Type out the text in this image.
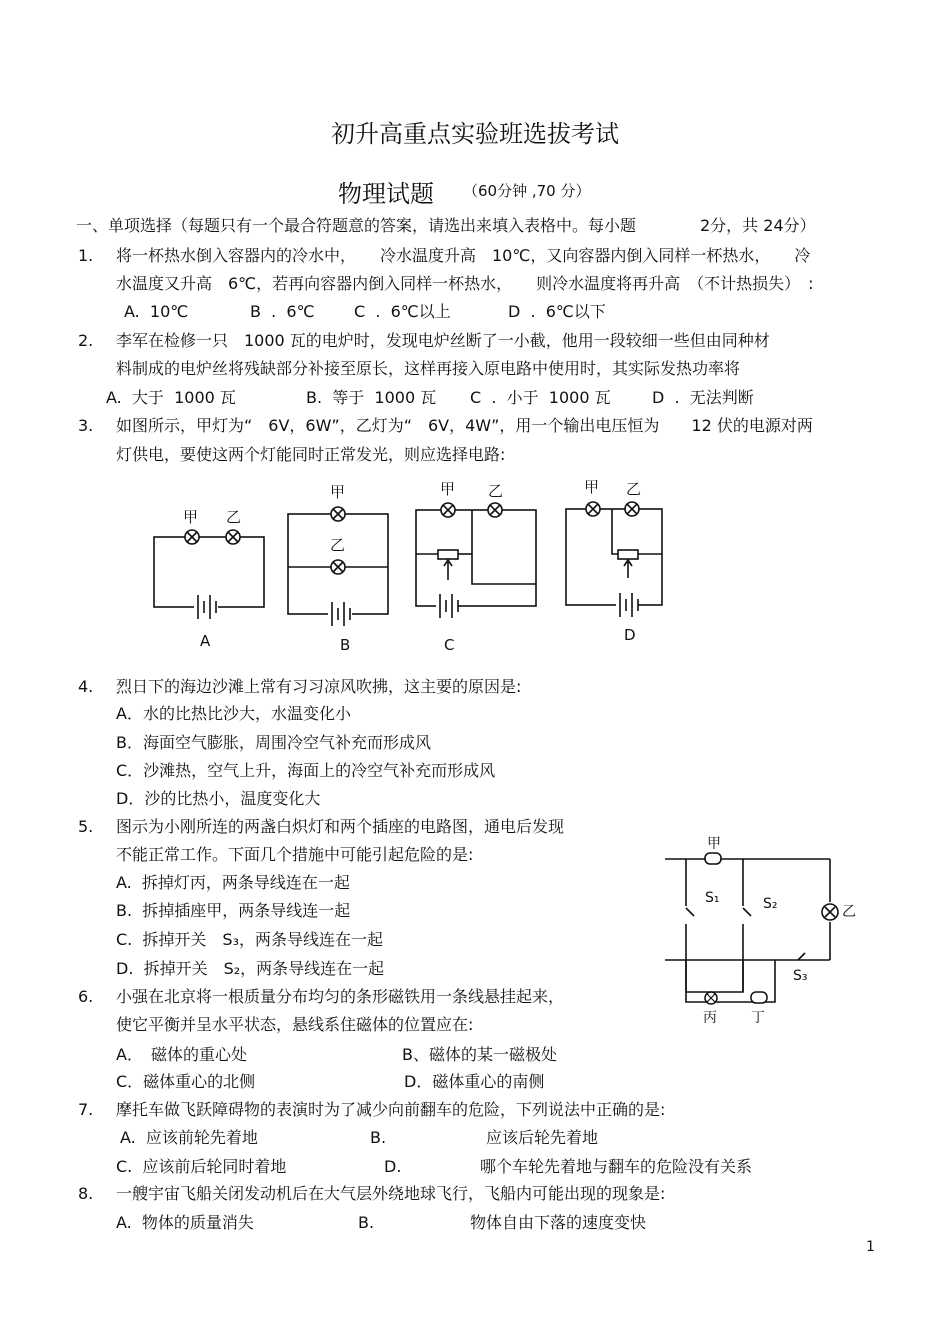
初升高重点实验班选拔考试
物理试题 （60分钟 ,70 分）
一、单项选择（每题只有一个最合符题意的答案，请选出来填入表格中。每小题　　　　2分，共 24分）
1. 将一杯热水倒入容器内的冷水中，　　冷水温度升高　10℃，又向容器内倒入同样一杯热水，　　冷
水温度又升高　6℃，若再向容器内倒入同样一杯热水，　　则冷水温度将再升高　（不计热损失）　:
A.  10℃	B  .  6℃ C  .  6℃以上	D  .  6℃以下
2. 李军在检修一只　1000 瓦的电炉时，发现电炉丝断了一小截，他用一段较细一些但由同种材
料制成的电炉丝将残缺部分补接至原长，这样再接入原电路中使用时，其实际发热功率将
A.  大于  1000 瓦	B.  等于  1000 瓦 C  .  小于  1000 瓦	D  .  无法判断
3. 如图所示，甲灯为“　6V，6W”，乙灯为“　6V，4W”，用一个输出电压恒为　　12 伏的电源对两
灯供电，要使这两个灯能同时正常发光，则应选择电路:
甲 乙
甲
乙
甲 乙	甲 乙
A	B	C
D
4. 烈日下的海边沙滩上常有习习凉风吹拂，这主要的原因是:
A．水的比热比沙大，水温变化小
B．海面空气膨胀，周围冷空气补充而形成风
C．沙滩热，空气上升，海面上的冷空气补充而形成风
D．沙的比热小，温度变化大
5. 图示为小刚所连的两盏白炽灯和两个插座的电路图，通电后发现
不能正常工作。下面几个措施中可能引起危险的是:
A.  拆掉灯丙，两条导线连在一起
B.  拆掉插座甲，两条导线连一起
C.  拆掉开关　S₃，两条导线连在一起
D.  拆掉开关　S₂，两条导线连在一起
甲
乙
丙 丁
S₁	S₂
S₃
6. 小强在北京将一根质量分布均匀的条形磁铁用一条线悬挂起来，
使它平衡并呈水平状态，悬线系住磁体的位置应在:
A．　磁体的重心处	B、磁体的某一磁极处
C．磁体重心的北侧	D．磁体重心的南侧
7. 摩托车做飞跃障碍物的表演时为了减少向前翻车的危险，下列说法中正确的是:
A.  应该前轮先着地	B.	应该后轮先着地
C.  应该前后轮同时着地	D.	哪个车轮先着地与翻车的危险没有关系
8. 一艘宇宙飞船关闭发动机后在大气层外绕地球飞行，飞船内可能出现的现象是:
A.  物体的质量消失	B.	物体自由下落的速度变快
1
